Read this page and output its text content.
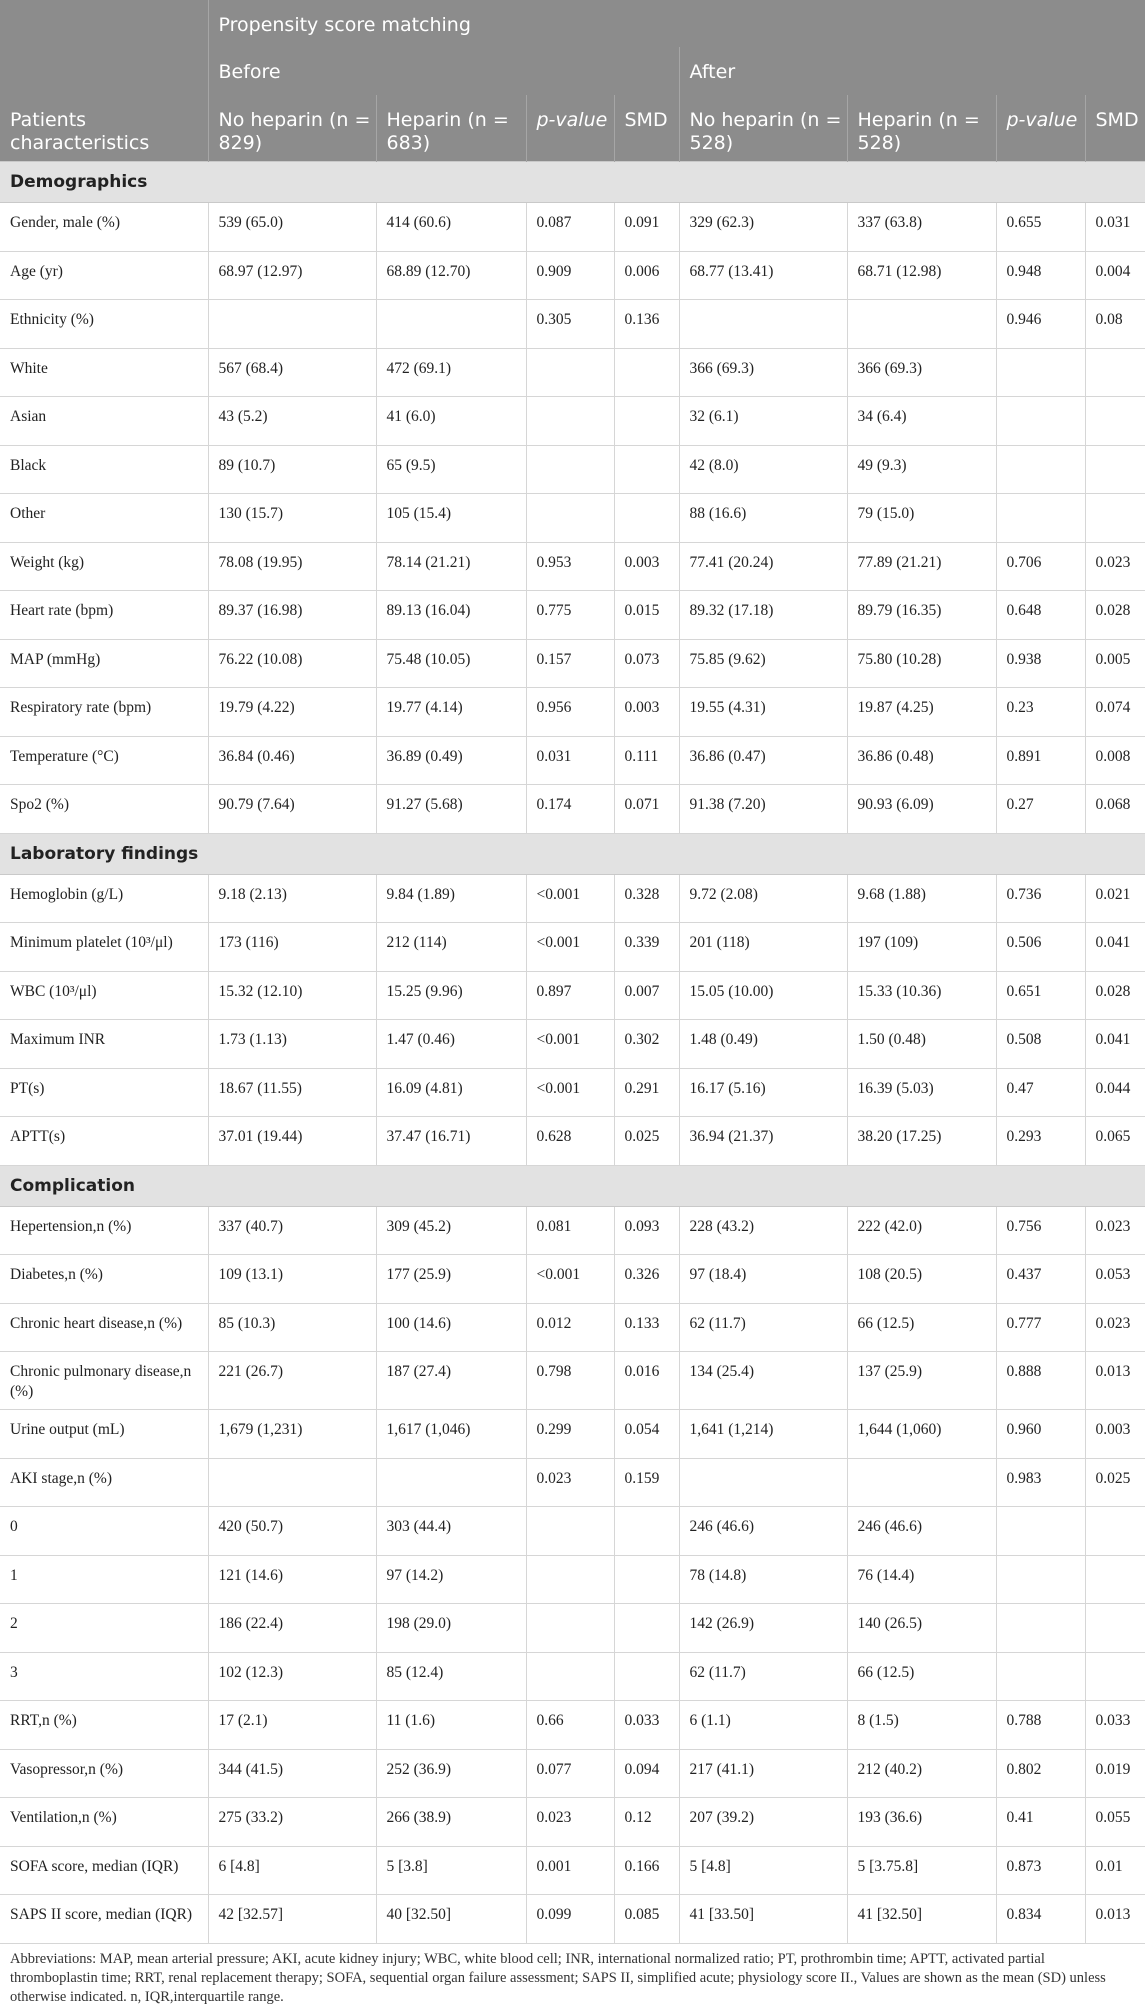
	Propensity score matching							
	Before				After			
Patients characteristics	No heparin (n = 829)	Heparin (n = 683)	p-value	SMD	No heparin (n = 528)	Heparin (n = 528)	p-value	SMD
Demographics								
Gender, male (%)	539 (65.0)	414 (60.6)	0.087	0.091	329 (62.3)	337 (63.8)	0.655	0.031
Age (yr)	68.97 (12.97)	68.89 (12.70)	0.909	0.006	68.77 (13.41)	68.71 (12.98)	0.948	0.004
Ethnicity (%)			0.305	0.136			0.946	0.08
White	567 (68.4)	472 (69.1)			366 (69.3)	366 (69.3)		
Asian	43 (5.2)	41 (6.0)			32 (6.1)	34 (6.4)		
Black	89 (10.7)	65 (9.5)			42 (8.0)	49 (9.3)		
Other	130 (15.7)	105 (15.4)			88 (16.6)	79 (15.0)		
Weight (kg)	78.08 (19.95)	78.14 (21.21)	0.953	0.003	77.41 (20.24)	77.89 (21.21)	0.706	0.023
Heart rate (bpm)	89.37 (16.98)	89.13 (16.04)	0.775	0.015	89.32 (17.18)	89.79 (16.35)	0.648	0.028
MAP (mmHg)	76.22 (10.08)	75.48 (10.05)	0.157	0.073	75.85 (9.62)	75.80 (10.28)	0.938	0.005
Respiratory rate (bpm)	19.79 (4.22)	19.77 (4.14)	0.956	0.003	19.55 (4.31)	19.87 (4.25)	0.23	0.074
Temperature (°C)	36.84 (0.46)	36.89 (0.49)	0.031	0.111	36.86 (0.47)	36.86 (0.48)	0.891	0.008
Spo2 (%)	90.79 (7.64)	91.27 (5.68)	0.174	0.071	91.38 (7.20)	90.93 (6.09)	0.27	0.068
Laboratory findings								
Hemoglobin (g/L)	9.18 (2.13)	9.84 (1.89)	<0.001	0.328	9.72 (2.08)	9.68 (1.88)	0.736	0.021
Minimum platelet (10³/μl)	173 (116)	212 (114)	<0.001	0.339	201 (118)	197 (109)	0.506	0.041
WBC (10³/μl)	15.32 (12.10)	15.25 (9.96)	0.897	0.007	15.05 (10.00)	15.33 (10.36)	0.651	0.028
Maximum INR	1.73 (1.13)	1.47 (0.46)	<0.001	0.302	1.48 (0.49)	1.50 (0.48)	0.508	0.041
PT(s)	18.67 (11.55)	16.09 (4.81)	<0.001	0.291	16.17 (5.16)	16.39 (5.03)	0.47	0.044
APTT(s)	37.01 (19.44)	37.47 (16.71)	0.628	0.025	36.94 (21.37)	38.20 (17.25)	0.293	0.065
Complication								
Hepertension,n (%)	337 (40.7)	309 (45.2)	0.081	0.093	228 (43.2)	222 (42.0)	0.756	0.023
Diabetes,n (%)	109 (13.1)	177 (25.9)	<0.001	0.326	97 (18.4)	108 (20.5)	0.437	0.053
Chronic heart disease,n (%)	85 (10.3)	100 (14.6)	0.012	0.133	62 (11.7)	66 (12.5)	0.777	0.023
Chronic pulmonary disease,n (%)	221 (26.7)	187 (27.4)	0.798	0.016	134 (25.4)	137 (25.9)	0.888	0.013
Urine output (mL)	1,679 (1,231)	1,617 (1,046)	0.299	0.054	1,641 (1,214)	1,644 (1,060)	0.960	0.003
AKI stage,n (%)			0.023	0.159			0.983	0.025
0	420 (50.7)	303 (44.4)			246 (46.6)	246 (46.6)		
1	121 (14.6)	97 (14.2)			78 (14.8)	76 (14.4)		
2	186 (22.4)	198 (29.0)			142 (26.9)	140 (26.5)		
3	102 (12.3)	85 (12.4)			62 (11.7)	66 (12.5)		
RRT,n (%)	17 (2.1)	11 (1.6)	0.66	0.033	6 (1.1)	8 (1.5)	0.788	0.033
Vasopressor,n (%)	344 (41.5)	252 (36.9)	0.077	0.094	217 (41.1)	212 (40.2)	0.802	0.019
Ventilation,n (%)	275 (33.2)	266 (38.9)	0.023	0.12	207 (39.2)	193 (36.6)	0.41	0.055
SOFA score, median (IQR)	6 [4.8]	5 [3.8]	0.001	0.166	5 [4.8]	5 [3.75.8]	0.873	0.01
SAPS II score, median (IQR)	42 [32.57]	40 [32.50]	0.099	0.085	41 [33.50]	41 [32.50]	0.834	0.013
Abbreviations: MAP, mean arterial pressure; AKI, acute kidney injury; WBC, white blood cell; INR, international normalized ratio; PT, prothrombin time; APTT, activated partial thromboplastin time; RRT, renal replacement therapy; SOFA, sequential organ failure assessment; SAPS II, simplified acute; physiology score II., Values are shown as the mean (SD) unless otherwise indicated. n, IQR,interquartile range.
